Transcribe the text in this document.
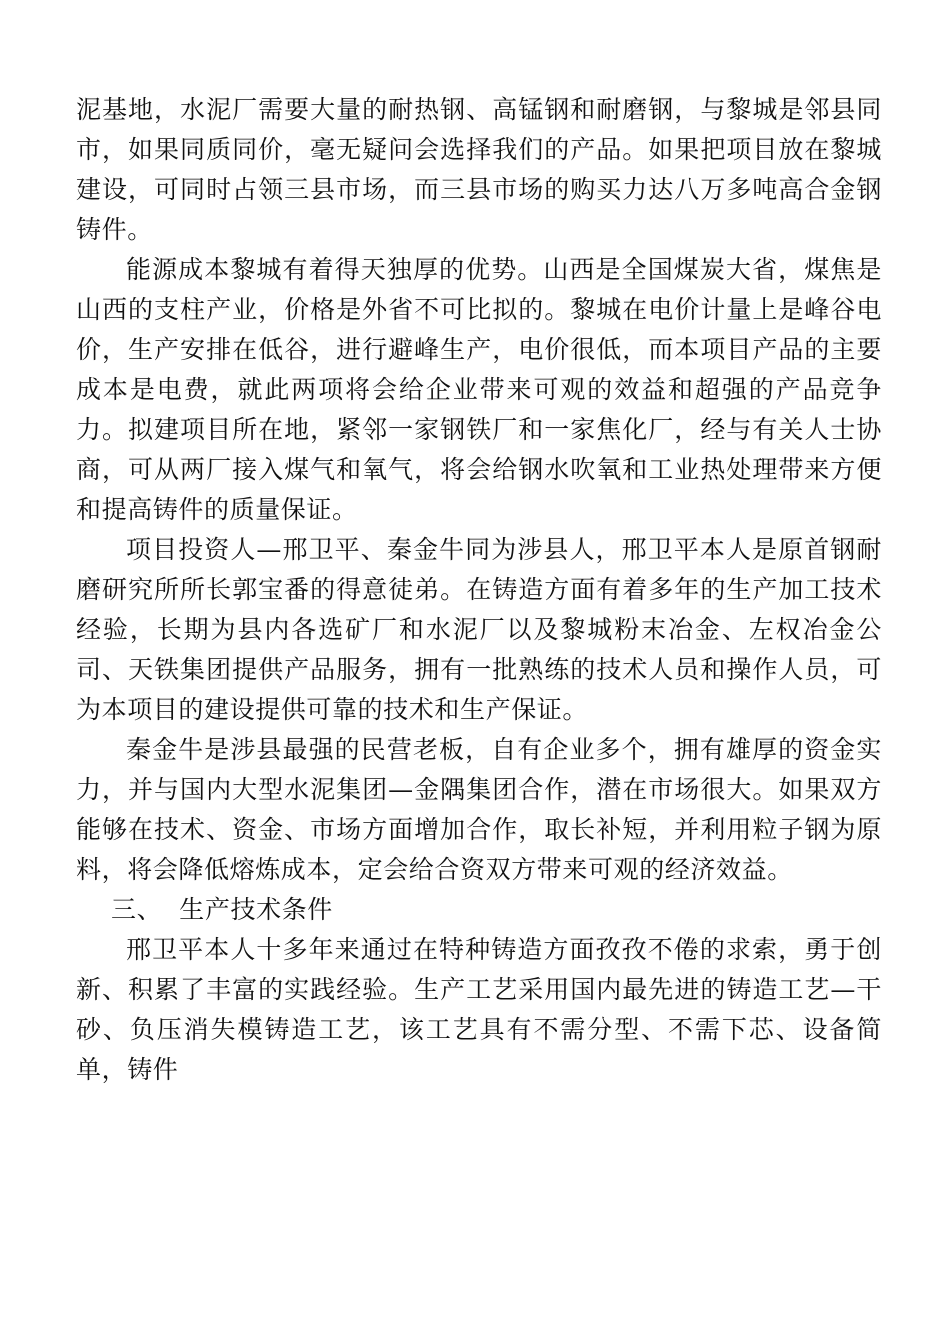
泥基地，水泥厂需要大量的耐热钢、高锰钢和耐磨钢，与黎城是邻县同市，如果同质同价，毫无疑问会选择我们的产品。如果把项目放在黎城建设，可同时占领三县市场，而三县市场的购买力达八万多吨高合金钢铸件。

能源成本黎城有着得天独厚的优势。山西是全国煤炭大省，煤焦是山西的支柱产业，价格是外省不可比拟的。黎城在电价计量上是峰谷电价，生产安排在低谷，进行避峰生产，电价很低，而本项目产品的主要成本是电费，就此两项将会给企业带来可观的效益和超强的产品竞争力。拟建项目所在地，紧邻一家钢铁厂和一家焦化厂，经与有关人士协商，可从两厂接入煤气和氧气，将会给钢水吹氧和工业热处理带来方便和提高铸件的质量保证。

项目投资人—邢卫平、秦金牛同为涉县人，邢卫平本人是原首钢耐磨研究所所长郭宝番的得意徒弟。在铸造方面有着多年的生产加工技术经验，长期为县内各选矿厂和水泥厂以及黎城粉末冶金、左权冶金公司、天铁集团提供产品服务，拥有一批熟练的技术人员和操作人员，可为本项目的建设提供可靠的技术和生产保证。

秦金牛是涉县最强的民营老板，自有企业多个，拥有雄厚的资金实力，并与国内大型水泥集团—金隅集团合作，潜在市场很大。如果双方能够在技术、资金、市场方面增加合作，取长补短，并利用粒子钢为原料，将会降低熔炼成本，定会给合资双方带来可观的经济效益。

三、  生产技术条件

邢卫平本人十多年来通过在特种铸造方面孜孜不倦的求索，勇于创新、积累了丰富的实践经验。生产工艺采用国内最先进的铸造工艺—干砂、负压消失模铸造工艺，该工艺具有不需分型、不需下芯、设备简单，铸件
